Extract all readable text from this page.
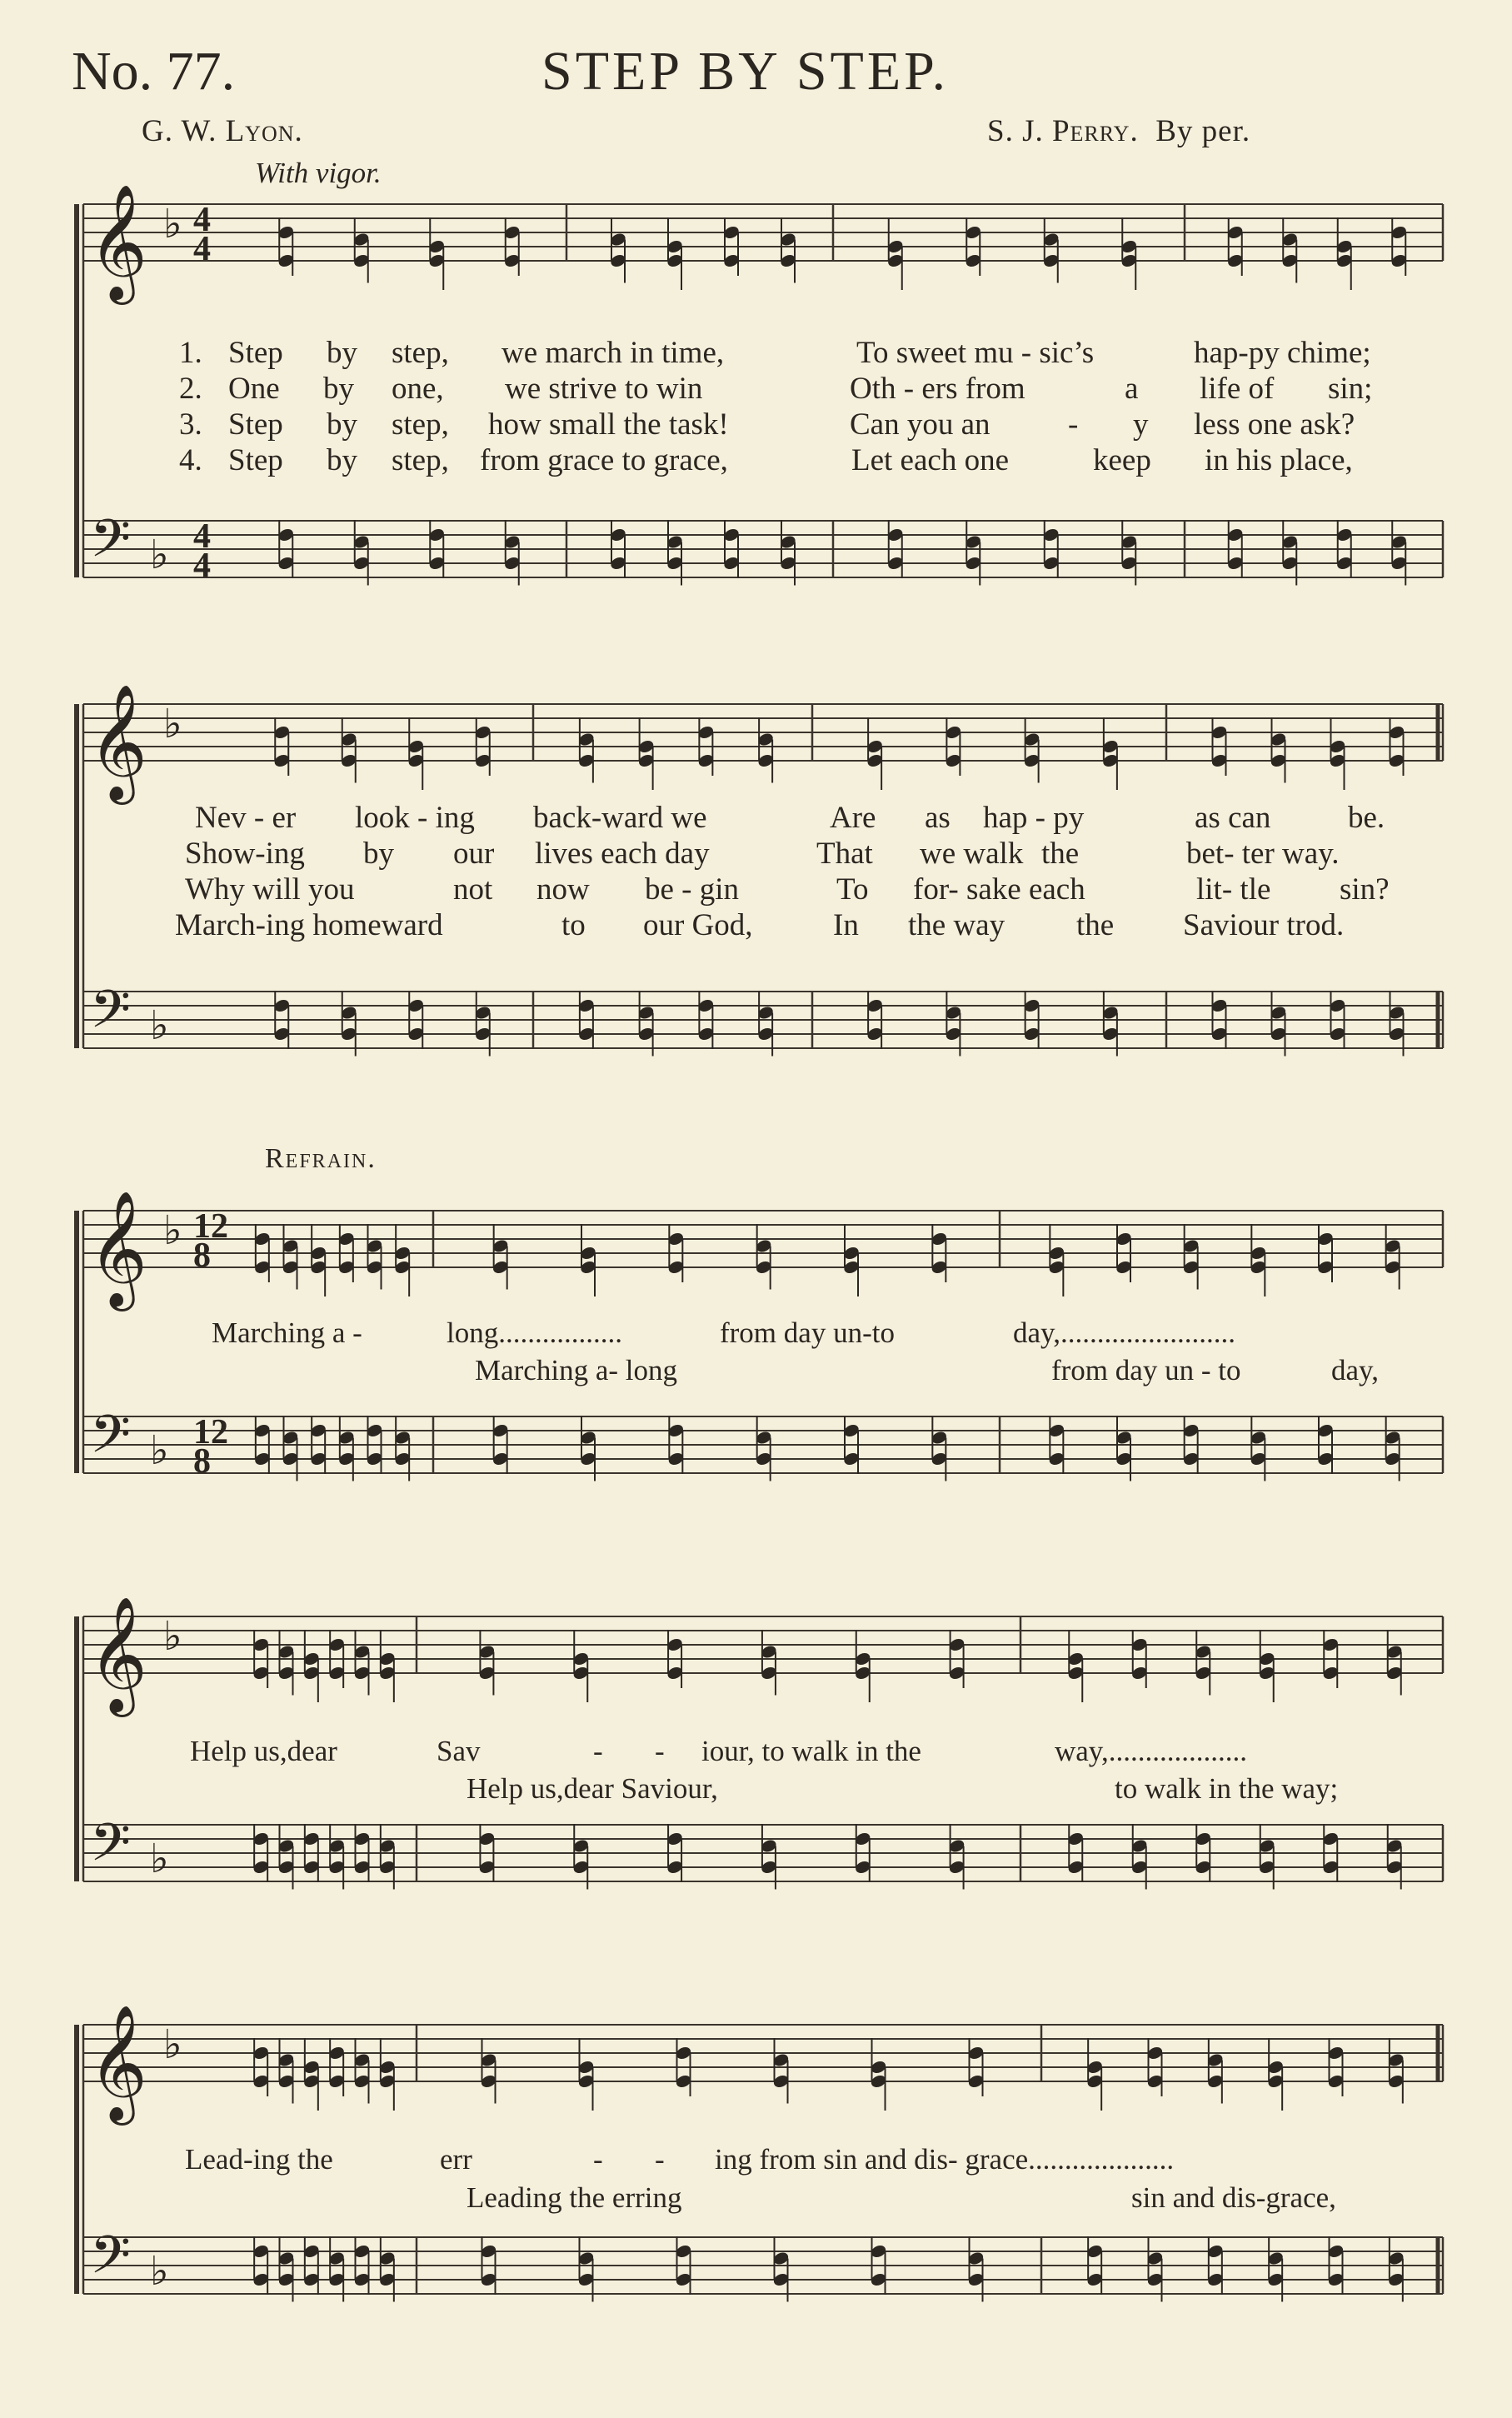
No. 77.	STEP BY STEP.
G. W. Lyon.	S. J. Perry. By per.
With vigor.
Refrain.
𝄞
𝄢
♭
♭
𝄞
𝄢
♭
♭
𝄞
𝄢
♭
♭
𝄞
𝄢
♭
♭
𝄞
𝄢
♭
♭
4
4
4
4
12
8
12
8
1.
2.
3.
4.
Step by step, we march in time,	To sweet mu - sic’s	hap-py chime;
One by one, we strive to win	Oth - ers from	a life of sin;
Step by step, how small the task!	Can you an	- y less one ask?
Step by step, from grace to grace,	Let each one	keep in his place,
Nev - er look - ing back-ward we	Are as hap - py	as can	be.
Show-ing by our lives each day	That we walk the	bet- ter way.
Why will you	not now be - gin	To for- sake each	lit- tle sin?
March-ing homeward	to our God,	In the way the Saviour trod.
Marching a -	long.................	from day un-to	day,........................
Marching a- long	from day un - to	day,
Help us,dear	Sav	- - iour, to walk in the	way,...................
Help us,dear Saviour,	to walk in the way;
Lead-ing the	err	- - ing from sin and dis- grace....................
Leading the erring	sin and dis-grace,
